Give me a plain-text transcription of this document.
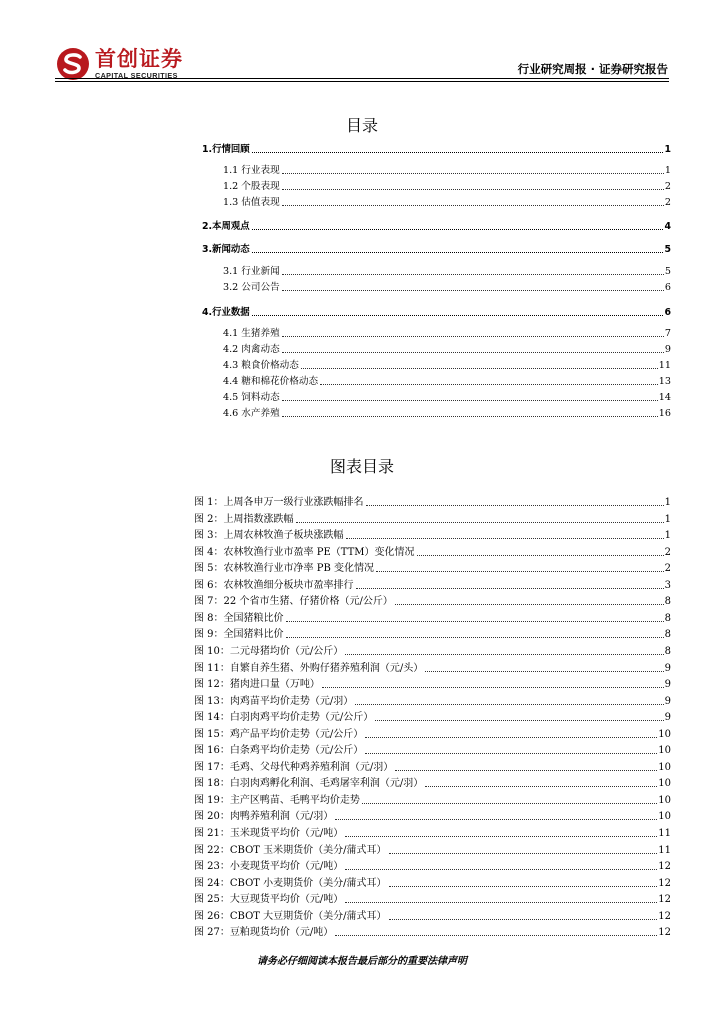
首创证券
CAPITAL SECURITIES	行业研究周报 · 证券研究报告
目录
1.行情回顾	1
1.1 行业表现	1
1.2 个股表现	2
1.3 估值表现	2
2.本周观点	4
3.新闻动态	5
3.1 行业新闻	5
3.2 公司公告	6
4.行业数据	6
4.1 生猪养殖	7
4.2 肉禽动态	9
4.3 粮食价格动态	11
4.4 糖和棉花价格动态	13
4.5 饲料动态	14
4.6 水产养殖	16
图表目录
图 1：上周各申万一级行业涨跌幅排名	1
图 2：上周指数涨跌幅	1
图 3：上周农林牧渔子板块涨跌幅	1
图 4：农林牧渔行业市盈率 PE（TTM）变化情况	2
图 5：农林牧渔行业市净率 PB 变化情况	2
图 6：农林牧渔细分板块市盈率排行	3
图 7：22 个省市生猪、仔猪价格（元/公斤）	8
图 8：全国猪粮比价	8
图 9：全国猪料比价	8
图 10：二元母猪均价（元/公斤）	8
图 11：自繁自养生猪、外购仔猪养殖利润（元/头）	9
图 12：猪肉进口量（万吨）	9
图 13：肉鸡苗平均价走势（元/羽）	9
图 14：白羽肉鸡平均价走势（元/公斤）	9
图 15：鸡产品平均价走势（元/公斤）	10
图 16：白条鸡平均价走势（元/公斤）	10
图 17：毛鸡、父母代种鸡养殖利润（元/羽）	10
图 18：白羽肉鸡孵化利润、毛鸡屠宰利润（元/羽）	10
图 19：主产区鸭苗、毛鸭平均价走势	10
图 20：肉鸭养殖利润（元/羽）	10
图 21：玉米现货平均价（元/吨）	11
图 22：CBOT 玉米期货价（美分/蒲式耳）	11
图 23：小麦现货平均价（元/吨）	12
图 24：CBOT 小麦期货价（美分/蒲式耳）	12
图 25：大豆现货平均价（元/吨）	12
图 26：CBOT 大豆期货价（美分/蒲式耳）	12
图 27：豆粕现货均价（元/吨）	12
请务必仔细阅读本报告最后部分的重要法律声明
